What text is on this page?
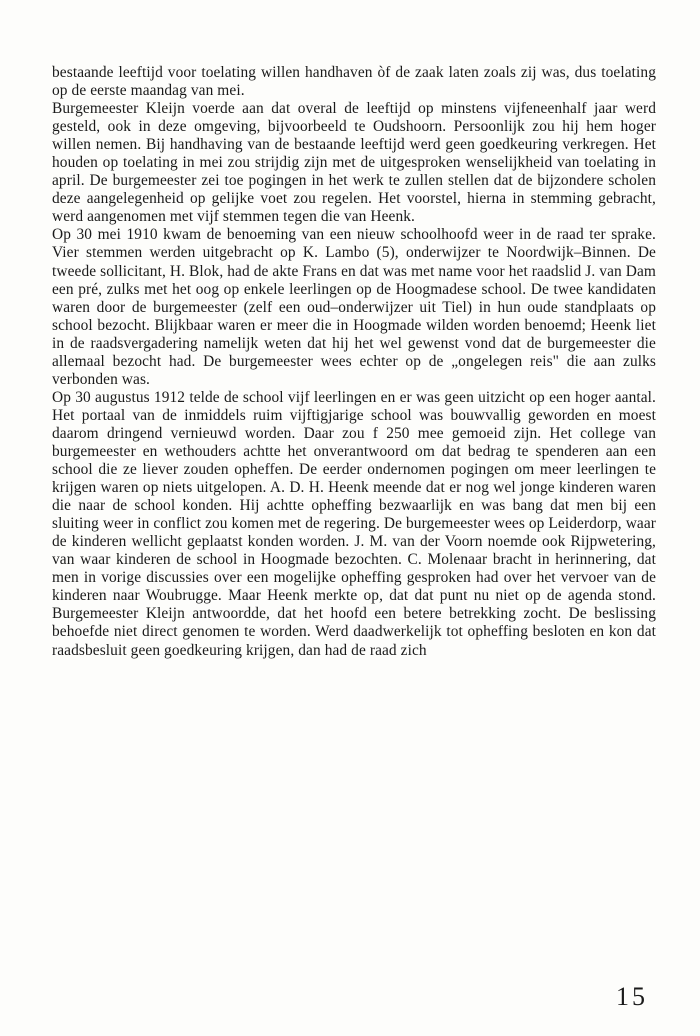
bestaande leeftijd voor toelating willen handhaven òf de zaak laten zoals zij was, dus toelating op de eerste maandag van mei.

Burgemeester Kleijn voerde aan dat overal de leeftijd op minstens vijfeneenhalf jaar werd gesteld, ook in deze omgeving, bijvoorbeeld te Oudshoorn. Persoonlijk zou hij hem hoger willen nemen. Bij handhaving van de bestaande leeftijd werd geen goedkeuring verkregen. Het houden op toelating in mei zou strijdig zijn met de uitgesproken wenselijkheid van toelating in april. De burgemeester zei toe pogingen in het werk te zullen stellen dat de bijzondere scholen deze aangelegenheid op gelijke voet zou regelen. Het voorstel, hierna in stemming gebracht, werd aangenomen met vijf stemmen tegen die van Heenk.

Op 30 mei 1910 kwam de benoeming van een nieuw schoolhoofd weer in de raad ter sprake. Vier stemmen werden uitgebracht op K. Lambo (5), onderwijzer te Noordwijk–Binnen. De tweede sollicitant, H. Blok, had de akte Frans en dat was met name voor het raadslid J. van Dam een pré, zulks met het oog op enkele leerlingen op de Hoogmadese school. De twee kandidaten waren door de burgemeester (zelf een oud–onderwijzer uit Tiel) in hun oude standplaats op school bezocht. Blijkbaar waren er meer die in Hoogmade wilden worden benoemd; Heenk liet in de raadsvergadering namelijk weten dat hij het wel gewenst vond dat de burgemeester die allemaal bezocht had. De burgemeester wees echter op de „ongelegen reis" die aan zulks verbonden was.

Op 30 augustus 1912 telde de school vijf leerlingen en er was geen uitzicht op een hoger aantal. Het portaal van de inmiddels ruim vijftigjarige school was bouwvallig geworden en moest daarom dringend vernieuwd worden. Daar zou f 250 mee gemoeid zijn. Het college van burgemeester en wethouders achtte het onverantwoord om dat bedrag te spenderen aan een school die ze liever zouden opheffen. De eerder ondernomen pogingen om meer leerlingen te krijgen waren op niets uitgelopen. A. D. H. Heenk meende dat er nog wel jonge kinderen waren die naar de school konden. Hij achtte opheffing bezwaarlijk en was bang dat men bij een sluiting weer in conflict zou komen met de regering. De burgemeester wees op Leiderdorp, waar de kinderen wellicht geplaatst konden worden. J. M. van der Voorn noemde ook Rijpwetering, van waar kinderen de school in Hoogmade bezochten. C. Molenaar bracht in herinnering, dat men in vorige discussies over een mogelijke opheffing gesproken had over het vervoer van de kinderen naar Woubrugge. Maar Heenk merkte op, dat dat punt nu niet op de agenda stond. Burgemeester Kleijn antwoordde, dat het hoofd een betere betrekking zocht. De beslissing behoefde niet direct genomen te worden. Werd daadwerkelijk tot opheffing besloten en kon dat raadsbesluit geen goedkeuring krijgen, dan had de raad zich

15
